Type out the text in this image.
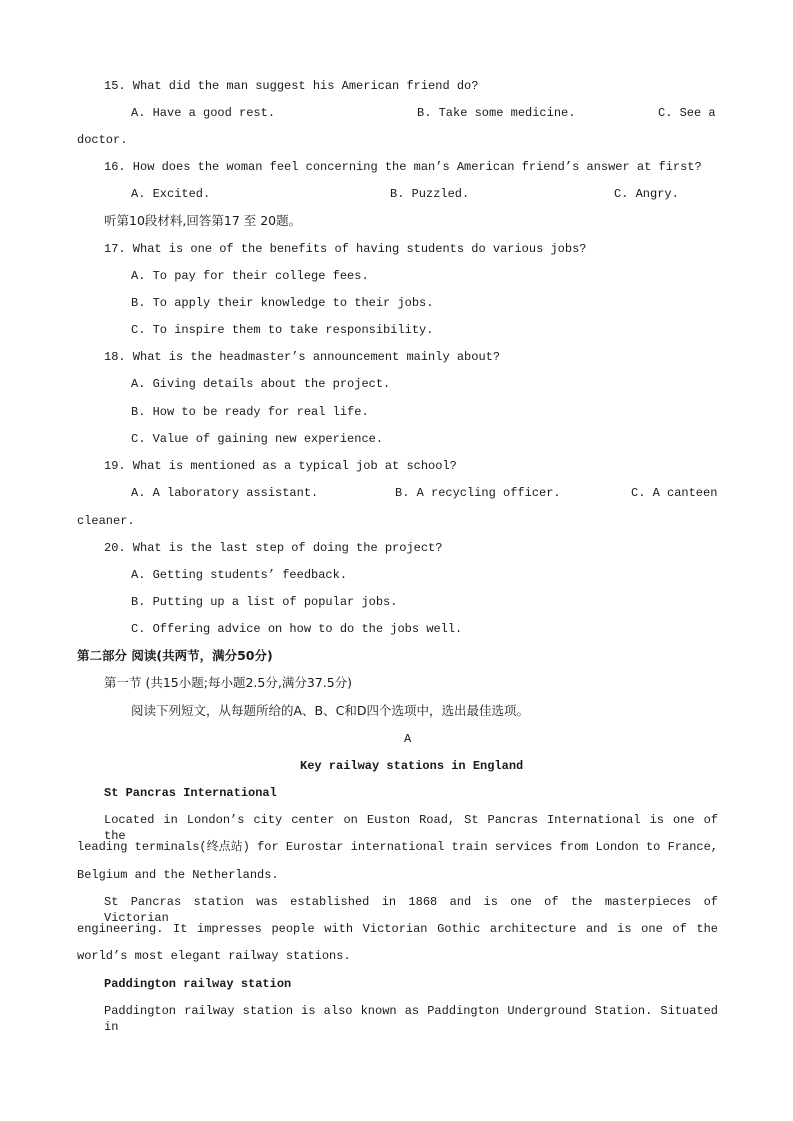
15. What did the man suggest his American friend do?
A. Have a good rest.	B. Take some medicine.	C. See a
doctor.
16. How does the woman feel concerning the man’s American friend’s answer at first?
A. Excited.	B. Puzzled.	C. Angry.
听第10段材料,回答第17 至 20题。
17. What is one of the benefits of having students do various jobs?
A. To pay for their college fees.
B. To apply their knowledge to their jobs.
C. To inspire them to take responsibility.
18. What is the headmaster’s announcement mainly about?
A. Giving details about the project.
B. How to be ready for real life.
C. Value of gaining new experience.
19. What is mentioned as a typical job at school?
A. A laboratory assistant.	B. A recycling officer.	C. A canteen
cleaner.
20. What is the last step of doing the project?
A. Getting students’ feedback.
B. Putting up a list of popular jobs.
C. Offering advice on how to do the jobs well.
第二部分 阅读(共两节，满分50分)
第一节 (共15小题;每小题2.5分,满分37.5分)
阅读下列短文，从每题所给的A、B、C和D四个选项中，选出最佳选项。
A
Key railway stations in England
St Pancras International
Located in London’s city center on Euston Road, St Pancras International is one of the
leading terminals(终点站) for Eurostar international train services from London to France,
Belgium and the Netherlands.
St Pancras station was established in 1868 and is one of the masterpieces of Victorian
engineering. It impresses people with Victorian Gothic architecture and is one of the
world’s most elegant railway stations.
Paddington railway station
Paddington railway station is also known as Paddington Underground Station. Situated in
